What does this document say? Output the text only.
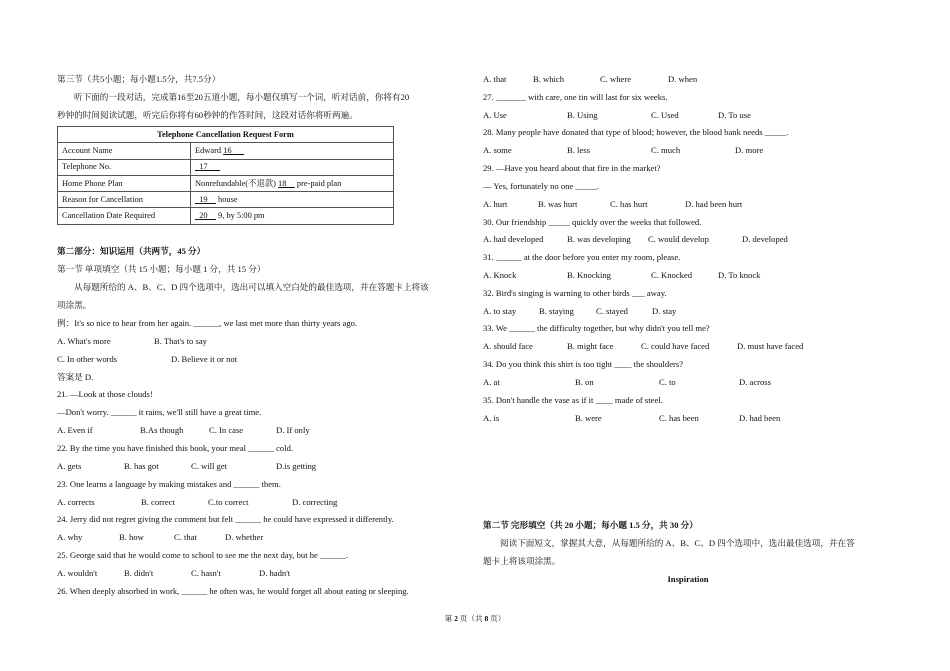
第三节（共5小题；每小题1.5分，共7.5分）
听下面的一段对话，完成第16至20五道小题，每小题仅填写一个词，听对话前，你将有20
秒钟的时间阅读试题，听完后你将有60秒钟的作答时间，这段对话你将听两遍。
Telephone Cancellation Request Form	
Account Name	Edward 16
Telephone No.	17
Home Phone Plan	Nonrefundable(不退款) 18     pre-paid plan
Reason for Cancellation	19     house
Cancellation Date Required	20     9, by 5:00 pm
第二部分：知识运用（共两节，45 分）
第一节 单项填空（共 15 小题；每小题 1 分，共 15 分）
从每题所给的 A、B、C、D 四个选项中，选出可以填入空白处的最佳选项，并在答题卡上将该
项涂黑。
例：It's so nice to hear from her again. ______, we last met more than thirty years ago.
A. What's more	B. That's to say
C. In other words	D. Believe it or not
答案是 D.
21. —Look at those clouds!
—Don't worry. ______ it rains, we'll still have a great time.
A. Even if	B.As though	C. In case	D. If only
22. By the time you have finished this book, your meal ______ cold.
A. gets	B. has got	C. will get	D.is getting
23. One learns a language by making mistakes and ______ them.
A. corrects	B. correct	C.to correct	D. correcting
24. Jerry did not regret giving the comment but felt ______ he could have expressed it differently.
A. why	B. how	C. that	D. whether
25. George said that he would come to school to see me the next day, but he ______.
A. wouldn't	B. didn't	C. hasn't	D. hadn't
26. When deeply absorbed in work, ______ he often was, he would forget all about eating or sleeping.
A. that	B. which	C. where	D. when
27. _______ with care, one tin will last for six weeks.
A. Use	B. Using	C. Used	D. To use
28. Many people have donated that type of blood; however, the blood bank needs _____.
A. some	B. less	C. much	D. more
29. —Have you heard about that fire in the market?
— Yes, fortunately no one _____.
A. hurt	B. was hurt	C. has hurt	D. had been hurt
30. Our friendship _____ quickly over the weeks that followed.
A. had developed	B. was developing C. would develop	D. developed
31. ______ at the door before you enter my room, please.
A. Knock	B. Knocking	C. Knocked	D. To knock
32. Bird's singing is warning to other birds ___ away.
A. to stay	B. staying	C. stayed	D. stay
33. We ______ the difficulty together, but why didn't you tell me?
A. should face	B. might face	C. could have faced	D. must have faced
34. Do you think this shirt is too tight ____ the shoulders?
A. at	B. on	C. to	D. across
35. Don't handle the vase as if it ____ made of steel.
A. is	B. were	C. has been	D. had been
第二节 完形填空（共 20 小题；每小题 1.5 分，共 30 分）
阅读下面短文，掌握其大意，从每题所给的 A、B、C、D 四个选项中，选出最佳选项，并在答
题卡上将该项涂黑。
Inspiration
第 2 页（共 8 页）
